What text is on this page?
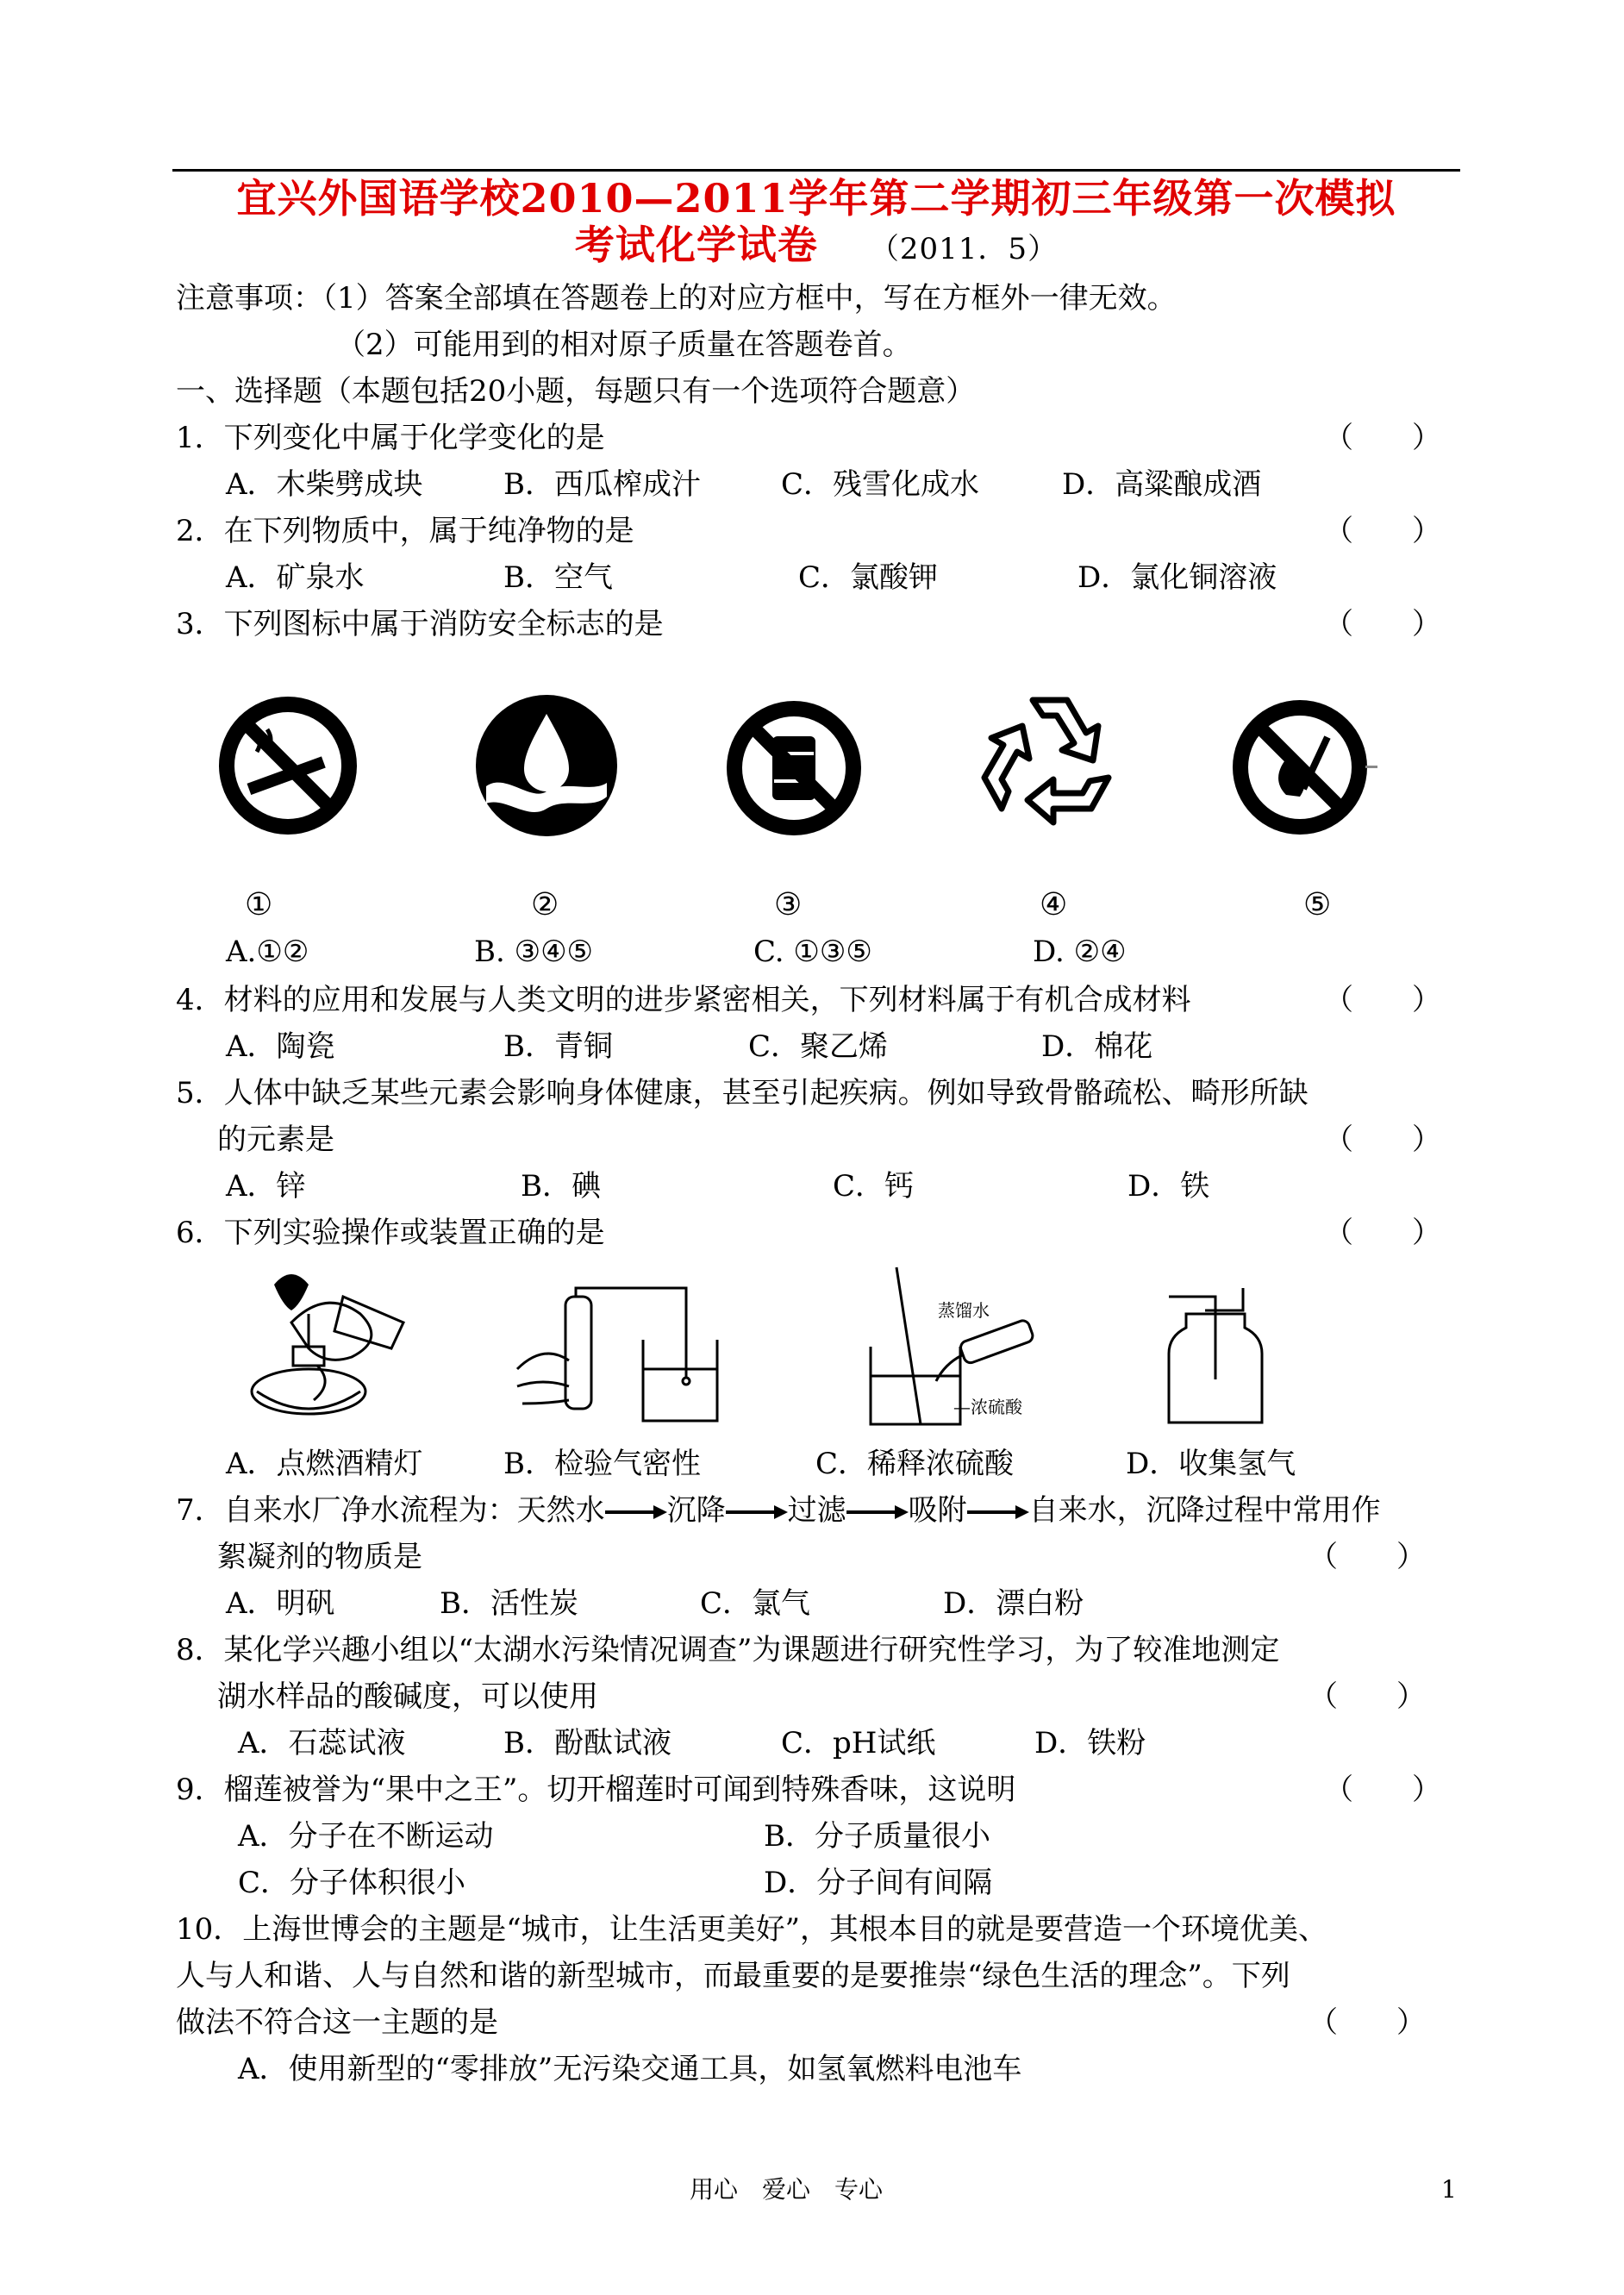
宜兴外国语学校2010—2011学年第二学期初三年级第一次模拟
考试化学试卷 （2011．5）
注意事项：（1）答案全部填在答题卷上的对应方框中，写在方框外一律无效。
（2）可能用到的相对原子质量在答题卷首。
一、选择题（本题包括20小题，每题只有一个选项符合题意）
1．下列变化中属于化学变化的是	（　　）
A．木柴劈成块	B．西瓜榨成汁	C．残雪化成水	D．高粱酿成酒
2．在下列物质中，属于纯净物的是	（　　）
A．矿泉水	B．空气	C．氯酸钾	D．氯化铜溶液
3．下列图标中属于消防安全标志的是	（　　）
①	②	③	④	⑤
A.①②	B. ③④⑤	C. ①③⑤	D. ②④
4．材料的应用和发展与人类文明的进步紧密相关，下列材料属于有机合成材料	（　　）
A．陶瓷	B．青铜	C．聚乙烯	D．棉花
5．人体中缺乏某些元素会影响身体健康，甚至引起疾病。例如导致骨骼疏松、畸形所缺
的元素是	（　　）
A．锌	B．碘	C．钙	D．铁
6．下列实验操作或装置正确的是	（　　）
蒸馏水
—浓硫酸
A．点燃酒精灯	B．检验气密性	C．稀释浓硫酸	D．收集氢气
7．自来水厂净水流程为：天然水 沉降 过滤 吸附 自来水，沉降过程中常用作
絮凝剂的物质是	（　　）
A．明矾	B．活性炭	C．氯气	D．漂白粉
8．某化学兴趣小组以“太湖水污染情况调查”为课题进行研究性学习，为了较准地测定
湖水样品的酸碱度，可以使用	（　　）
A．石蕊试液	B．酚酞试液	C．pH试纸	D．铁粉
9．榴莲被誉为“果中之王”。切开榴莲时可闻到特殊香味，这说明	（　　）
A．分子在不断运动	B．分子质量很小
C．分子体积很小	D．分子间有间隔
10．上海世博会的主题是“城市，让生活更美好”，其根本目的就是要营造一个环境优美、
人与人和谐、人与自然和谐的新型城市，而最重要的是要推崇“绿色生活的理念”。下列
做法不符合这一主题的是	（　　）
A．使用新型的“零排放”无污染交通工具，如氢氧燃料电池车
用心　爱心　专心	1
